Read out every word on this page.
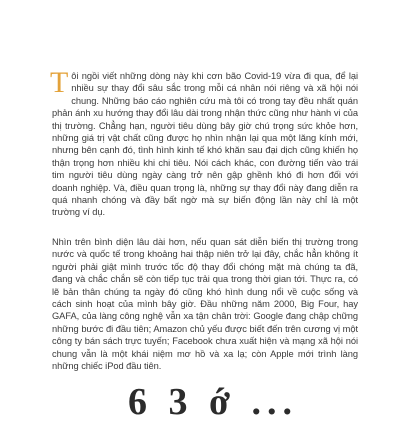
Tôi ngồi viết những dòng này khi cơn bão Covid-19 vừa đi qua, để lại nhiều sự thay đổi sâu sắc trong mỗi cá nhân nói riêng và xã hội nói chung. Những báo cáo nghiên cứu mà tôi có trong tay đều nhất quán phản ánh xu hướng thay đổi lâu dài trong nhận thức cũng như hành vi của thị trường. Chẳng hạn, người tiêu dùng bây giờ chú trọng sức khỏe hơn, những giá trị vật chất cũng được họ nhìn nhận lại qua một lăng kính mới, nhưng bên cạnh đó, tình hình kinh tế khó khăn sau đại dịch cũng khiến họ thận trọng hơn nhiều khi chi tiêu. Nói cách khác, con đường tiến vào trái tim người tiêu dùng ngày càng trở nên gập ghềnh khó đi hơn đối với doanh nghiệp. Và, điều quan trọng là, những sự thay đổi này đang diễn ra quá nhanh chóng và đầy bất ngờ mà sự biến động lần này chỉ là một trường ví dụ.
Nhìn trên bình diện lâu dài hơn, nếu quan sát diễn biến thị trường trong nước và quốc tế trong khoảng hai thập niên trở lại đây, chắc hẳn không ít người phải giật mình trước tốc độ thay đổi chóng mặt mà chúng ta đã, đang và chắc chắn sẽ còn tiếp tục trải qua trong thời gian tới. Thực ra, có lẽ bản thân chúng ta ngày đó cũng khó hình dung nổi về cuộc sống và cách sinh hoạt của mình bây giờ. Đầu những năm 2000, Big Four, hay GAFA, của làng công nghệ vẫn xa tận chân trời: Google đang chập chững những bước đi đầu tiên; Amazon chủ yếu được biết đến trên cương vị một công ty bán sách trực tuyến; Facebook chưa xuất hiện và mạng xã hội nói chung vẫn là một khái niệm mơ hồ và xa lạ; còn Apple mới trình làng những chiếc iPod đầu tiên.
6 3 ớ ...
